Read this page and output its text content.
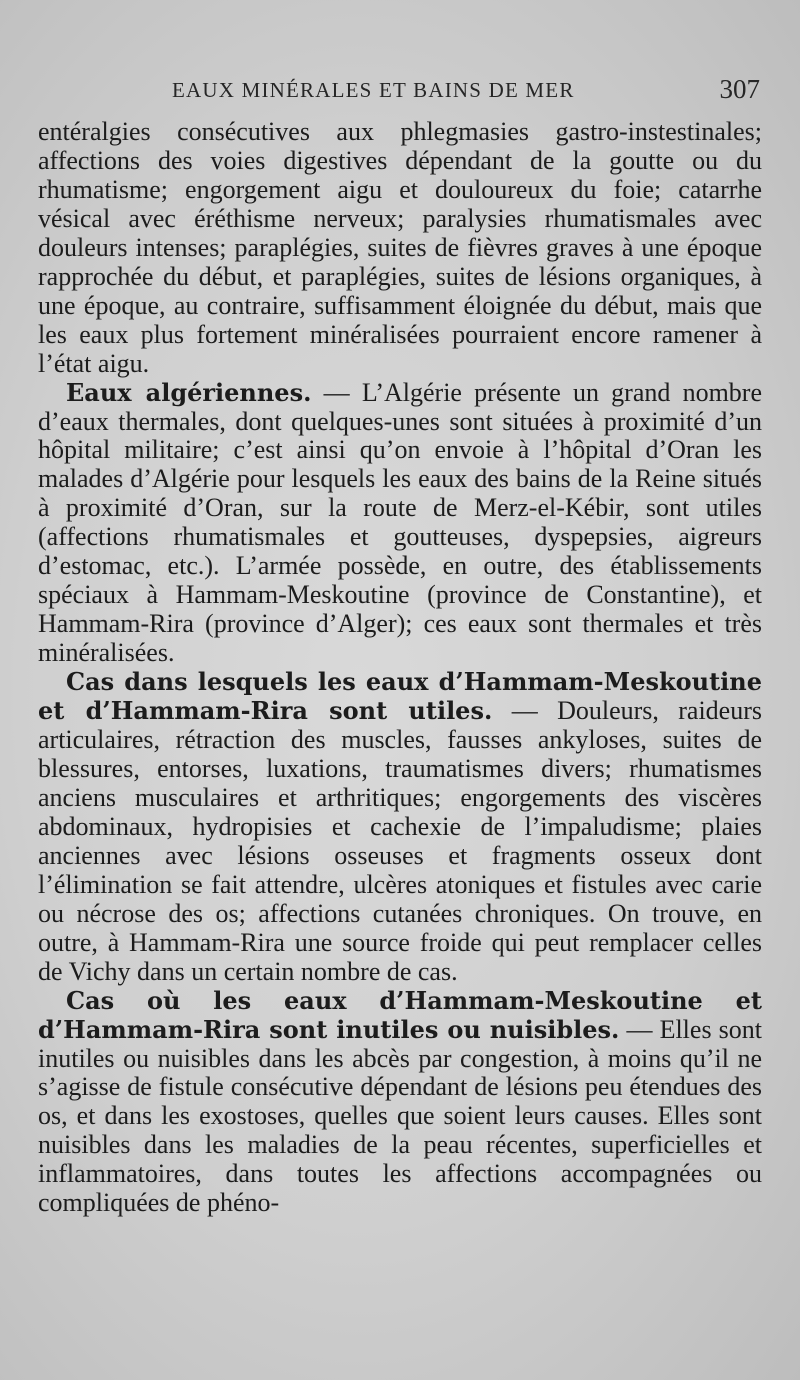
EAUX MINÉRALES ET BAINS DE MER	307

entéralgies consécutives aux phlegmasies gastro-instestinales; affections des voies digestives dépendant de la goutte ou du rhumatisme; engorgement aigu et douloureux du foie; catarrhe vésical avec éréthisme nerveux; paralysies rhumatismales avec douleurs intenses; paraplégies, suites de fièvres graves à une époque rapprochée du début, et paraplégies, suites de lésions organiques, à une époque, au contraire, suffisamment éloignée du début, mais que les eaux plus fortement minéralisées pourraient encore ramener à l’état aigu.

Eaux algériennes. — L’Algérie présente un grand nombre d’eaux thermales, dont quelques-unes sont situées à proximité d’un hôpital militaire; c’est ainsi qu’on envoie à l’hôpital d’Oran les malades d’Algérie pour lesquels les eaux des bains de la Reine situés à proximité d’Oran, sur la route de Merz-el-Kébir, sont utiles (affections rhumatismales et goutteuses, dyspepsies, aigreurs d’estomac, etc.). L’armée possède, en outre, des établissements spéciaux à Hammam-Meskoutine (province de Constantine), et Hammam-Rira (province d’Alger); ces eaux sont thermales et très minéralisées.

Cas dans lesquels les eaux d’Hammam-Meskoutine et d’Hammam-Rira sont utiles. — Douleurs, raideurs articulaires, rétraction des muscles, fausses ankyloses, suites de blessures, entorses, luxations, traumatismes divers; rhumatismes anciens musculaires et arthritiques; engorgements des viscères abdominaux, hydropisies et cachexie de l’impaludisme; plaies anciennes avec lésions osseuses et fragments osseux dont l’élimination se fait attendre, ulcères atoniques et fistules avec carie ou nécrose des os; affections cutanées chroniques. On trouve, en outre, à Hammam-Rira une source froide qui peut remplacer celles de Vichy dans un certain nombre de cas.

Cas où les eaux d’Hammam-Meskoutine et d’Hammam-Rira sont inutiles ou nuisibles. — Elles sont inutiles ou nuisibles dans les abcès par congestion, à moins qu’il ne s’agisse de fistule consécutive dépendant de lésions peu étendues des os, et dans les exostoses, quelles que soient leurs causes. Elles sont nuisibles dans les maladies de la peau récentes, superficielles et inflammatoires, dans toutes les affections accompagnées ou compliquées de phéno-
